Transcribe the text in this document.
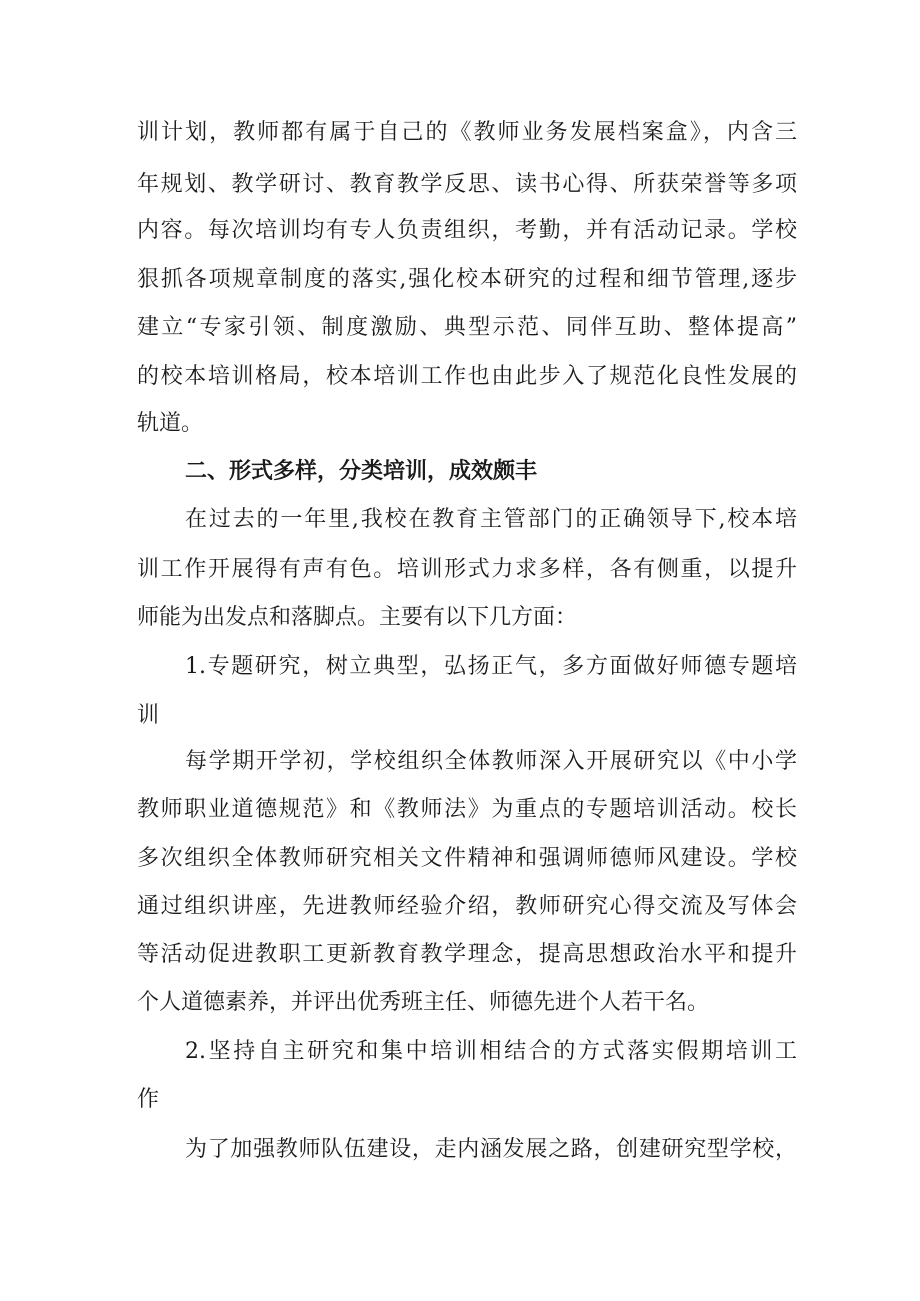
训计划，教师都有属于自己的《教师业务发展档案盒》，内含三
年规划、教学研讨、教育教学反思、读书心得、所获荣誉等多项
内容。每次培训均有专人负责组织，考勤，并有活动记录。学校
狠抓各项规章制度的落实,强化校本研究的过程和细节管理,逐步
建立“专家引领、制度激励、典型示范、同伴互助、整体提高”
的校本培训格局，校本培训工作也由此步入了规范化良性发展的
轨道。
二、形式多样，分类培训，成效颇丰
在过去的一年里,我校在教育主管部门的正确领导下,校本培
训工作开展得有声有色。培训形式力求多样，各有侧重，以提升
师能为出发点和落脚点。主要有以下几方面：
1.专题研究，树立典型，弘扬正气，多方面做好师德专题培
训
每学期开学初，学校组织全体教师深入开展研究以《中小学
教师职业道德规范》和《教师法》为重点的专题培训活动。校长
多次组织全体教师研究相关文件精神和强调师德师风建设。学校
通过组织讲座，先进教师经验介绍，教师研究心得交流及写体会
等活动促进教职工更新教育教学理念，提高思想政治水平和提升
个人道德素养，并评出优秀班主任、师德先进个人若干名。
2.坚持自主研究和集中培训相结合的方式落实假期培训工
作
为了加强教师队伍建设，走内涵发展之路，创建研究型学校，
